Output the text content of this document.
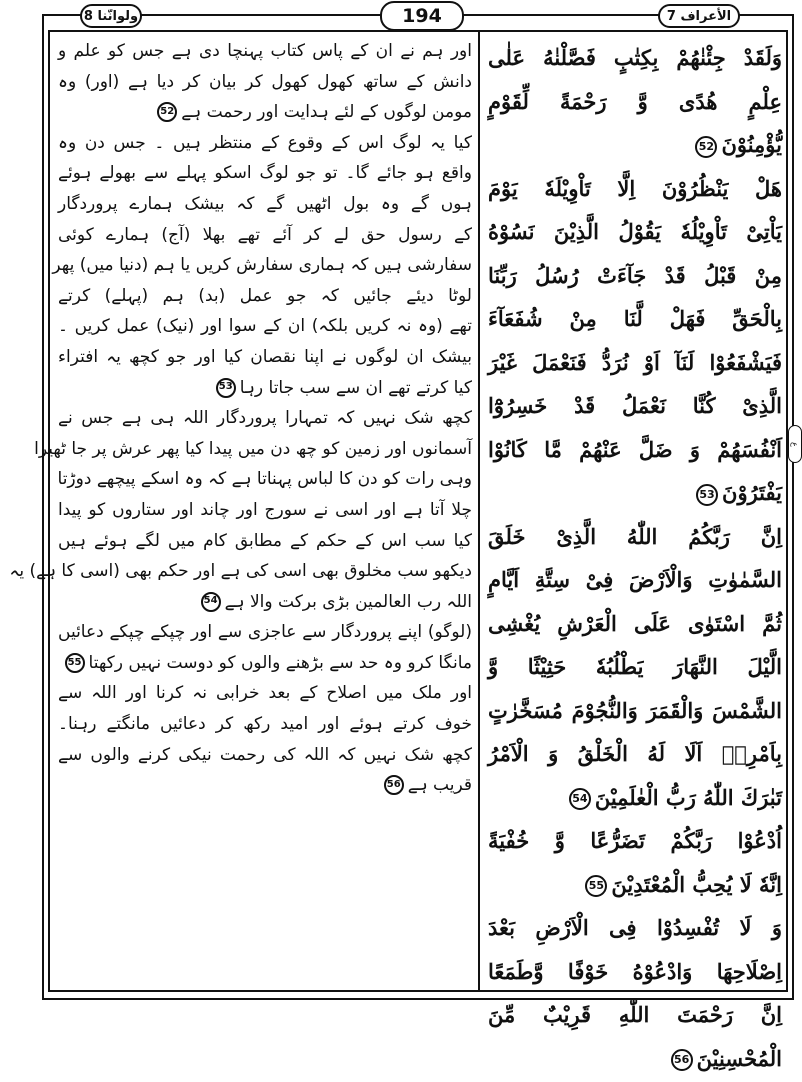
ولوانّنا 8	194	الأعراف 7
ع
اور ہم نے ان کے پاس کتاب پہنچا دی ہے جس کو علم و
دانش کے ساتھ کھول کھول کر بیان کر دیا ہے (اور) وہ
مومن لوگوں کے لئے ہدایت اور رحمت ہے52
کیا یہ لوگ اس کے وقوع کے منتظر ہیں ۔ جس دن وہ
واقع ہو جائے گا۔ تو جو لوگ اسکو پہلے سے بھولے ہوئے
ہوں گے وہ بول اٹھیں گے کہ بیشک ہمارے پروردگار
کے رسول حق لے کر آئے تھے بھلا (آج) ہمارے کوئی
سفارشی ہیں کہ ہماری سفارش کریں یا ہم (دنیا میں) پھر
لوٹا دیئے جائیں کہ جو عمل (بد) ہم (پہلے) کرتے
تھے (وہ نہ کریں بلکہ) ان کے سوا اور (نیک) عمل کریں ۔
بیشک ان لوگوں نے اپنا نقصان کیا اور جو کچھ یہ افتراء
کیا کرتے تھے ان سے سب جاتا رہا53
کچھ شک نہیں کہ تمہارا پروردگار اللہ ہی ہے جس نے
آسمانوں اور زمین کو چھ دن میں پیدا کیا پھر عرش پر جا ٹھیرا
وہی رات کو دن کا لباس پہناتا ہے کہ وہ اسکے پیچھے دوڑتا
چلا آتا ہے اور اسی نے سورج اور چاند اور ستاروں کو پیدا
کیا سب اس کے حکم کے مطابق کام میں لگے ہوئے ہیں
دیکھو سب مخلوق بھی اسی کی ہے اور حکم بھی (اسی کا ہے) یہ
اللہ رب العالمین بڑی برکت والا ہے54
(لوگو) اپنے پروردگار سے عاجزی سے اور چپکے چپکے دعائیں
مانگا کرو وہ حد سے بڑھنے والوں کو دوست نہیں رکھتا55
اور ملک میں اصلاح کے بعد خرابی نہ کرنا اور اللہ سے
خوف کرتے ہوئے اور امید رکھ کر دعائیں مانگتے رہنا۔
کچھ شک نہیں کہ اللہ کی رحمت نیکی کرنے والوں سے
قریب ہے56
وَلَقَدْ جِئْنٰهُمْ بِكِتٰبٍ فَصَّلْنٰهُ عَلٰى
عِلْمٍ هُدًى وَّ رَحْمَةً لِّقَوْمٍ
يُّؤْمِنُوْنَ52
هَلْ يَنْظُرُوْنَ اِلَّا تَاْوِيْلَهٗ يَوْمَ
يَاْتِىْ تَاْوِيْلُهٗ يَقُوْلُ الَّذِيْنَ نَسُوْهُ
مِنْ قَبْلُ قَدْ جَآءَتْ رُسُلُ رَبِّنَا
بِالْحَقِّ فَهَلْ لَّنَا مِنْ شُفَعَآءَ
فَيَشْفَعُوْا لَنَآ اَوْ نُرَدُّ فَنَعْمَلَ غَيْرَ
الَّذِىْ كُنَّا نَعْمَلُ قَدْ خَسِرُوْٓا
اَنْفُسَهُمْ وَ ضَلَّ عَنْهُمْ مَّا كَانُوْا
يَفْتَرُوْنَ53
اِنَّ رَبَّكُمُ اللّٰهُ الَّذِىْ خَلَقَ
السَّمٰوٰتِ وَالْاَرْضَ فِىْ سِتَّةِ اَيَّامٍ
ثُمَّ اسْتَوٰى عَلَى الْعَرْشِ يُغْشِى
الَّيْلَ النَّهَارَ يَطْلُبُهٗ حَثِيْثًا وَّ
الشَّمْسَ وَالْقَمَرَ وَالنُّجُوْمَ مُسَخَّرٰتٍ
بِاَمْرِهٖ اَلَا لَهُ الْخَلْقُ وَ الْاَمْرُ
تَبٰرَكَ اللّٰهُ رَبُّ الْعٰلَمِيْنَ54
اُدْعُوْا رَبَّكُمْ تَضَرُّعًا وَّ خُفْيَةً
اِنَّهٗ لَا يُحِبُّ الْمُعْتَدِيْنَ55
وَ لَا تُفْسِدُوْا فِى الْاَرْضِ بَعْدَ
اِصْلَاحِهَا وَادْعُوْهُ خَوْفًا وَّطَمَعًا
اِنَّ رَحْمَتَ اللّٰهِ قَرِيْبٌ مِّنَ
الْمُحْسِنِيْنَ56
